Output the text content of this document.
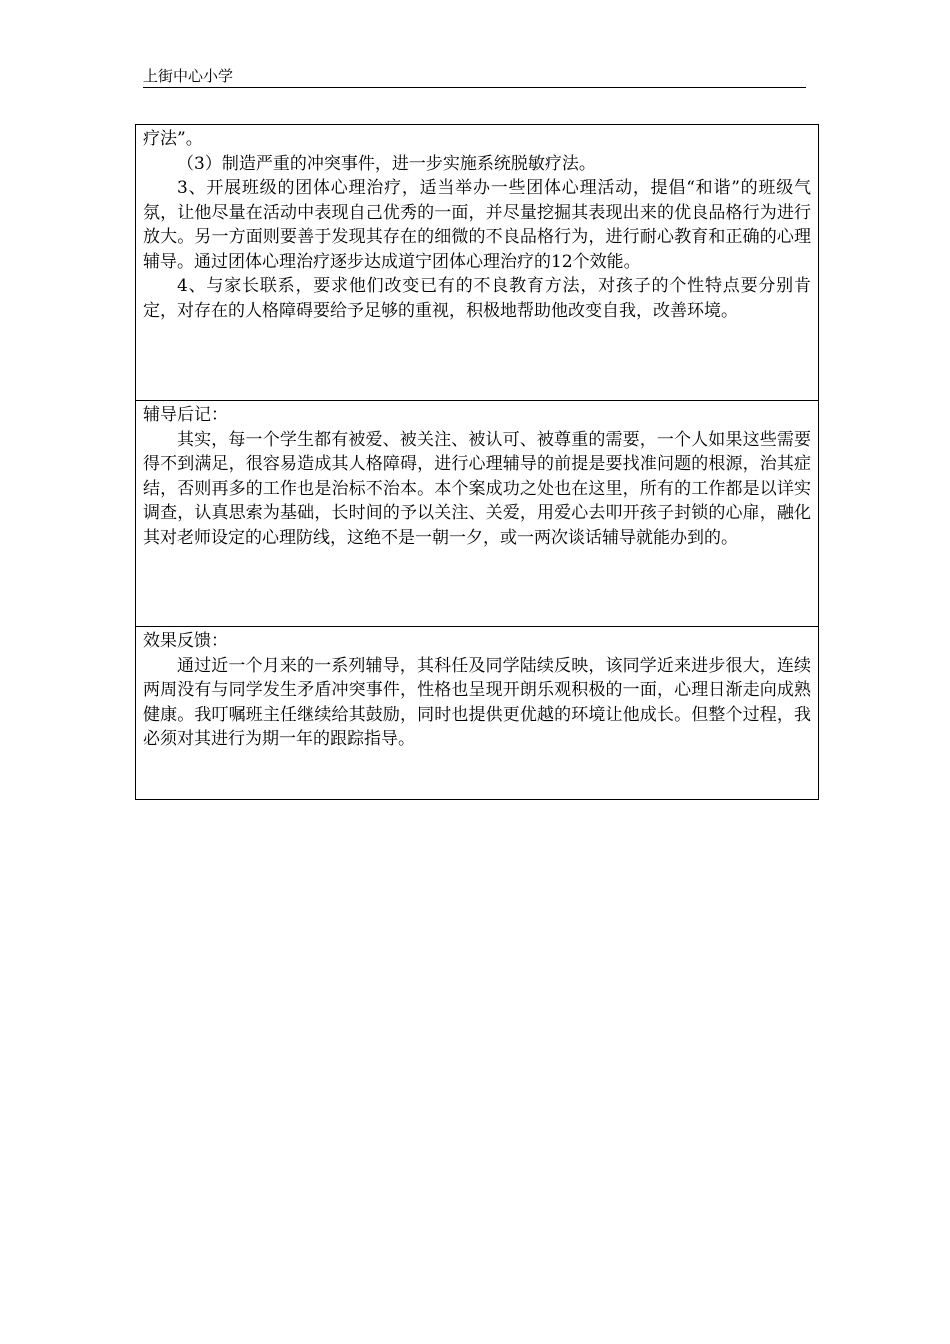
上街中心小学

疗法”。

（3）制造严重的冲突事件，进一步实施系统脱敏疗法。

3、开展班级的团体心理治疗，适当举办一些团体心理活动，提倡“和谐”的班级气氛，让他尽量在活动中表现自己优秀的一面，并尽量挖掘其表现出来的优良品格行为进行放大。另一方面则要善于发现其存在的细微的不良品格行为，进行耐心教育和正确的心理辅导。通过团体心理治疗逐步达成道宁团体心理治疗的12个效能。

4、与家长联系，要求他们改变已有的不良教育方法，对孩子的个性特点要分别肯定，对存在的人格障碍要给予足够的重视，积极地帮助他改变自我，改善环境。

辅导后记：

其实，每一个学生都有被爱、被关注、被认可、被尊重的需要，一个人如果这些需要得不到满足，很容易造成其人格障碍，进行心理辅导的前提是要找准问题的根源，治其症结，否则再多的工作也是治标不治本。本个案成功之处也在这里，所有的工作都是以详实调查，认真思索为基础，长时间的予以关注、关爱，用爱心去叩开孩子封锁的心扉，融化其对老师设定的心理防线，这绝不是一朝一夕，或一两次谈话辅导就能办到的。

效果反馈：

通过近一个月来的一系列辅导，其科任及同学陆续反映，该同学近来进步很大，连续两周没有与同学发生矛盾冲突事件，性格也呈现开朗乐观积极的一面，心理日渐走向成熟健康。我叮嘱班主任继续给其鼓励，同时也提供更优越的环境让他成长。但整个过程，我必须对其进行为期一年的跟踪指导。
